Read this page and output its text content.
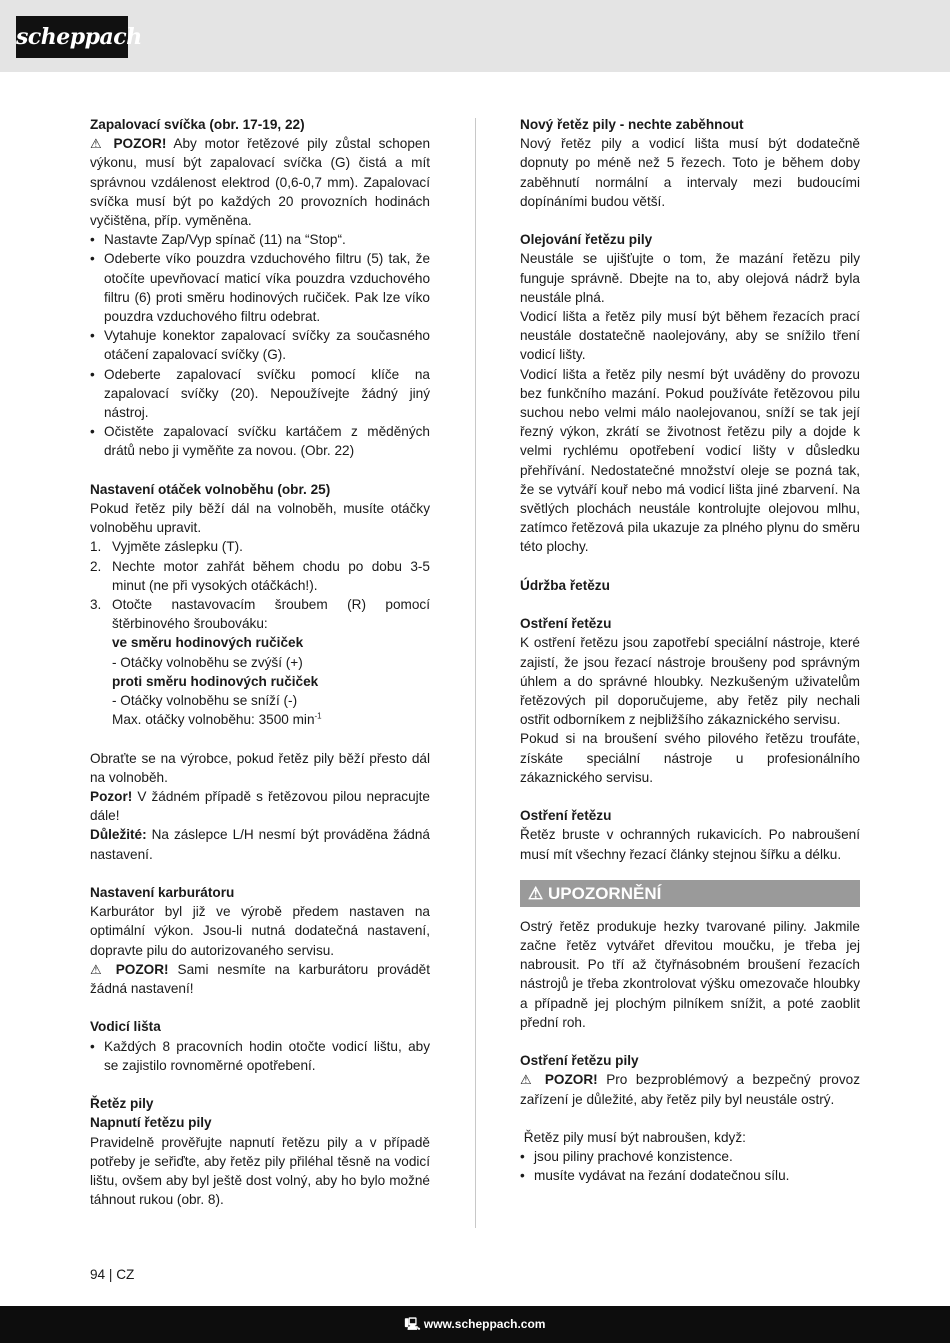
scheppach

Zapalovací svíčka (obr. 17-19, 22)

⚠ POZOR! Aby motor řetězové pily zůstal schopen výkonu, musí být zapalovací svíčka (G) čistá a mít správnou vzdálenost elektrod (0,6-0,7 mm). Zapalovací svíčka musí být po každých 20 provozních hodinách vyčištěna, příp. vyměněna.

• Nastavte Zap/Vyp spínač (11) na “Stop“.
• Odeberte víko pouzdra vzduchového filtru (5) tak, že otočíte upevňovací maticí víka pouzdra vzduchového filtru (6) proti směru hodinových ručiček. Pak lze víko pouzdra vzduchového filtru odebrat.
• Vytahuje konektor zapalovací svíčky za současného otáčení zapalovací svíčky (G).
• Odeberte zapalovací svíčku pomocí klíče na zapalovací svíčky (20). Nepoužívejte žádný jiný nástroj.
• Očistěte zapalovací svíčku kartáčem z měděných drátů nebo ji vyměňte za novou. (Obr. 22)

Nastavení otáček volnoběhu (obr. 25)

Pokud řetěz pily běží dál na volnoběh, musíte otáčky volnoběhu upravit.

1. Vyjměte záslepku (T).
2. Nechte motor zahřát během chodu po dobu 3-5 minut (ne při vysokých otáčkách!).
3. Otočte nastavovacím šroubem (R) pomocí štěrbinového šroubováku:
ve směru hodinových ručiček
- Otáčky volnoběhu se zvýší (+)
proti směru hodinových ručiček
- Otáčky volnoběhu se sníží (-)
Max. otáčky volnoběhu: 3500 $\min^{-1}$

Obraťte se na výrobce, pokud řetěz pily běží přesto dál na volnoběh.

Pozor! V žádném případě s řetězovou pilou nepracujte dále!

Důležité: Na záslepce L/H nesmí být prováděna žádná nastavení.

Nastavení karburátoru

Karburátor byl již ve výrobě předem nastaven na optimální výkon. Jsou-li nutná dodatečná nastavení, dopravte pilu do autorizovaného servisu.

⚠ POZOR! Sami nesmíte na karburátoru provádět žádná nastavení!

Vodicí lišta

• Každých 8 pracovních hodin otočte vodicí lištu, aby se zajistilo rovnoměrné opotřebení.

Řetěz pily

Napnutí řetězu pily

Pravidelně prověřujte napnutí řetězu pily a v případě potřeby je seřiďte, aby řetěz pily přiléhal těsně na vodicí lištu, ovšem aby byl ještě dost volný, aby ho bylo možné táhnout rukou (obr. 8).

Nový řetěz pily - nechte zaběhnout

Nový řetěz pily a vodicí lišta musí být dodatečně dopnuty po méně než 5 řezech. Toto je během doby zaběhnutí normální a intervaly mezi budoucími dopínáními budou větší.

Olejování řetězu pily

Neustále se ujišťujte o tom, že mazání řetězu pily funguje správně. Dbejte na to, aby olejová nádrž byla neustále plná.

Vodicí lišta a řetěz pily musí být během řezacích prací neustále dostatečně naolejovány, aby se snížilo tření vodicí lišty.

Vodicí lišta a řetěz pily nesmí být uváděny do provozu bez funkčního mazání. Pokud používáte řetězovou pilu suchou nebo velmi málo naolejovanou, sníží se tak její řezný výkon, zkrátí se životnost řetězu pily a dojde k velmi rychlému opotřebení vodicí lišty v důsledku přehřívání. Nedostatečné množství oleje se pozná tak, že se vytváří kouř nebo má vodicí lišta jiné zbarvení. Na světlých plochách neustále kontrolujte olejovou mlhu, zatímco řetězová pila ukazuje za plného plynu do směru této plochy.

Údržba řetězu

Ostření řetězu

K ostření řetězu jsou zapotřebí speciální nástroje, které zajistí, že jsou řezací nástroje broušeny pod správným úhlem a do správné hloubky. Nezkušeným uživatelům řetězových pil doporučujeme, aby řetěz pily nechali ostřit odborníkem z nejbližšího zákaznického servisu.

Pokud si na broušení svého pilového řetězu troufáte, získáte speciální nástroje u profesionálního zákaznického servisu.

Ostření řetězu

Řetěz bruste v ochranných rukavicích. Po nabroušení musí mít všechny řezací články stejnou šířku a délku.

⚠ UPOZORNĚNÍ

Ostrý řetěz produkuje hezky tvarované piliny. Jakmile začne řetěz vytvářet dřevitou moučku, je třeba jej nabrousit. Po tří až čtyřnásobném broušení řezacích nástrojů je třeba zkontrolovat výšku omezovače hloubky a případně jej plochým pilníkem snížit, a poté zaoblit přední roh.

Ostření řetězu pily

⚠ POZOR! Pro bezproblémový a bezpečný provoz zařízení je důležité, aby řetěz pily byl neustále ostrý.

Řetěz pily musí být nabroušen, když:

• jsou piliny prachové konzistence.
• musíte vydávat na řezání dodatečnou sílu.
94 | CZ
🖳 www.scheppach.com
